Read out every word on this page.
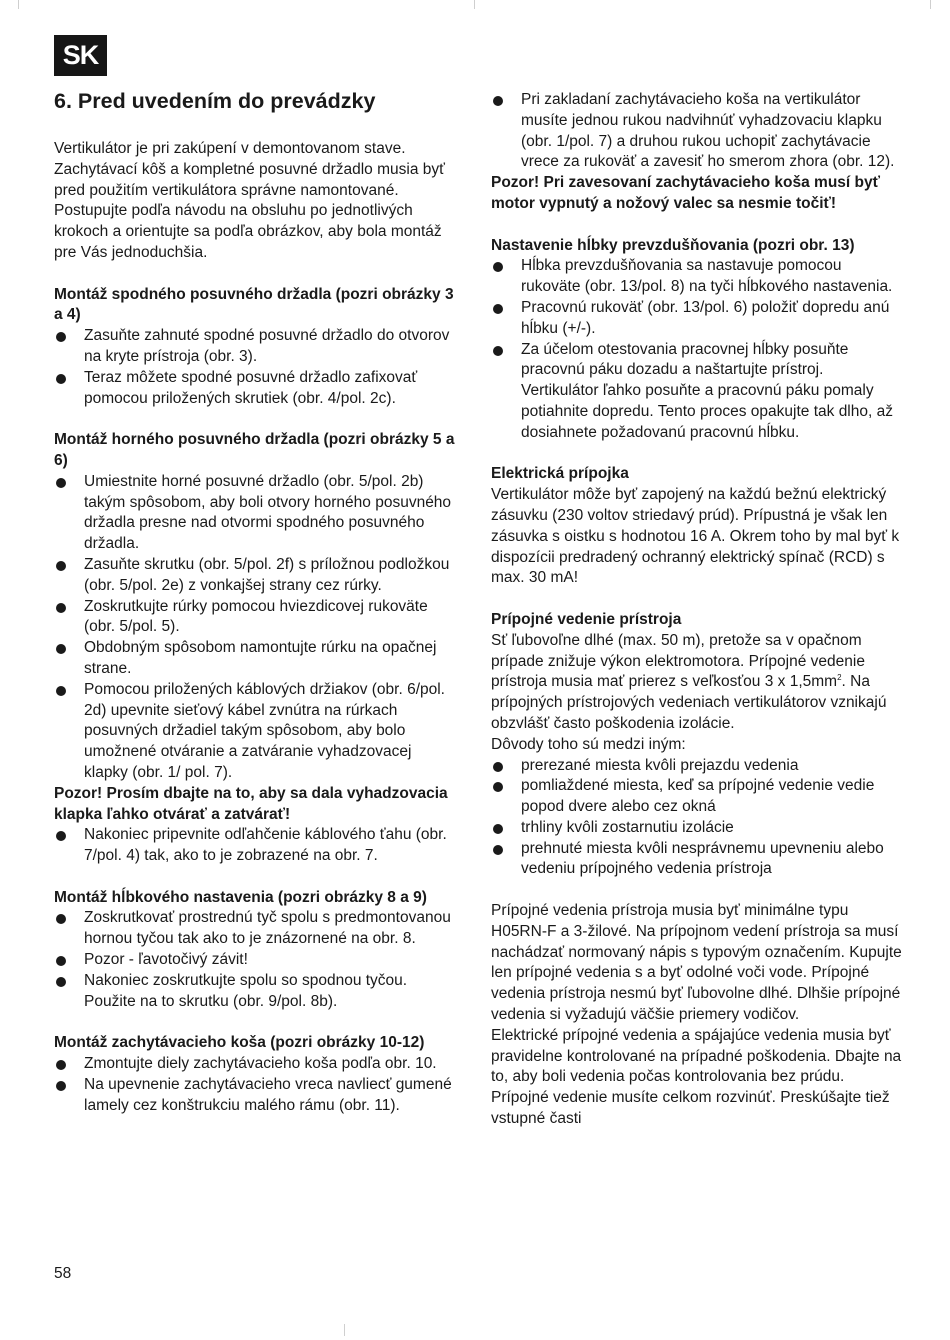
SK
6. Pred uvedením do prevádzky

Vertikulátor je pri zakúpení v demontovanom stave. Zachytávací kôš a kompletné posuvné držadlo musia byť pred použitím vertikulátora správne namontované. Postupujte podľa návodu na obsluhu po jednotlivých krokoch a orientujte sa podľa obrázkov, aby bola montáž pre Vás jednoduchšia.

Montáž spodného posuvného držadla (pozri obrázky 3 a 4)

Zasuňte zahnuté spodné posuvné držadlo do otvorov na kryte prístroja (obr. 3).
Teraz môžete spodné posuvné držadlo zafixovať pomocou priložených skrutiek (obr. 4/pol. 2c).

Montáž horného posuvného držadla (pozri obrázky 5 a 6)

Umiestnite horné posuvné držadlo (obr. 5/pol. 2b) takým spôsobom, aby boli otvory horného posuvného držadla presne nad otvormi spodného posuvného držadla.
Zasuňte skrutku (obr. 5/pol. 2f) s príložnou podložkou (obr. 5/pol. 2e) z vonkajšej strany cez rúrky.
Zoskrutkujte rúrky pomocou hviezdicovej rukoväte (obr. 5/pol. 5).
Obdobným spôsobom namontujte rúrku na opačnej strane.
Pomocou priložených káblových držiakov (obr. 6/pol. 2d) upevnite sieťový kábel zvnútra na rúrkach posuvných držadiel takým spôsobom, aby bolo umožnené otváranie a zatváranie vyhadzovacej klapky (obr. 1/ pol. 7).

Pozor! Prosím dbajte na to, aby sa dala vyhadzovacia klapka ľahko otvárať a zatvárať!

Nakoniec pripevnite odľahčenie káblového ťahu (obr. 7/pol. 4) tak, ako to je zobrazené na obr. 7.

Montáž hĺbkového nastavenia (pozri obrázky 8 a 9)

Zoskrutkovať prostrednú tyč spolu s predmontovanou hornou tyčou tak ako to je znázornené na obr. 8.
Pozor - ľavotočivý závit!
Nakoniec zoskrutkujte spolu so spodnou tyčou. Použite na to skrutku (obr. 9/pol. 8b).

Montáž zachytávacieho koša (pozri obrázky 10-12)

Zmontujte diely zachytávacieho koša podľa obr. 10.
Na upevnenie zachytávacieho vreca navliecť gumené lamely cez konštrukciu malého rámu (obr. 11).
Pri zakladaní zachytávacieho koša na vertikulátor musíte jednou rukou nadvihnúť vyhadzovaciu klapku (obr. 1/pol. 7) a druhou rukou uchopiť zachytávacie vrece za rukoväť a zavesiť ho smerom zhora (obr. 12).

Pozor! Pri zavesovaní zachytávacieho koša musí byť motor vypnutý a nožový valec sa nesmie točiť!

Nastavenie hĺbky prevzdušňovania (pozri obr. 13)

Hĺbka prevzdušňovania sa nastavuje pomocou rukoväte (obr. 13/pol. 8) na tyči hĺbkového nastavenia.
Pracovnú rukoväť (obr. 13/pol. 6) položiť dopredu anú hĺbku (+/-).
Za účelom otestovania pracovnej hĺbky posuňte pracovnú páku dozadu a naštartujte prístroj. Vertikulátor ľahko posuňte a pracovnú páku pomaly potiahnite dopredu. Tento proces opakujte tak dlho, až dosiahnete požadovanú pracovnú hĺbku.

Elektrická prípojka

Vertikulátor môže byť zapojený na každú bežnú elektrický zásuvku (230 voltov striedavý prúd). Prípustná je však len zásuvka s oistku s hodnotou 16 A. Okrem toho by mal byť k dispozícii predradený ochranný elektrický spínač (RCD) s max. 30 mA!

Prípojné vedenie prístroja

Sť ľubovoľne dlhé (max. 50 m), pretože sa v opačnom prípade znižuje výkon elektromotora. Prípojné vedenie prístroja musia mať prierez s veľkosťou 3 x $1,5mm^2$. Na prípojných prístrojových vedeniach vertikulátorov vznikajú obzvlášť často poškodenia izolácie.

Dôvody toho sú medzi iným:

prerezané miesta kvôli prejazdu vedenia
pomliaždené miesta, keď sa prípojné vedenie vedie popod dvere alebo cez okná
trhliny kvôli zostarnutiu izolácie
prehnuté miesta kvôli nesprávnemu upevneniu alebo vedeniu prípojného vedenia prístroja

Prípojné vedenia prístroja musia byť minimálne typu H05RN-F a 3-žilové. Na prípojnom vedení prístroja sa musí nachádzať normovaný nápis s typovým označením. Kupujte len prípojné vedenia s a byť odolné voči vode. Prípojné vedenia prístroja nesmú byť ľubovolne dlhé. Dlhšie prípojné vedenia si vyžadujú väčšie priemery vodičov.

Elektrické prípojné vedenia a spájajúce vedenia musia byť pravidelne kontrolované na prípadné poškodenia. Dbajte na to, aby boli vedenia počas kontrolovania bez prúdu. Prípojné vedenie musíte celkom rozvinúť. Preskúšajte tiež vstupné časti

58
